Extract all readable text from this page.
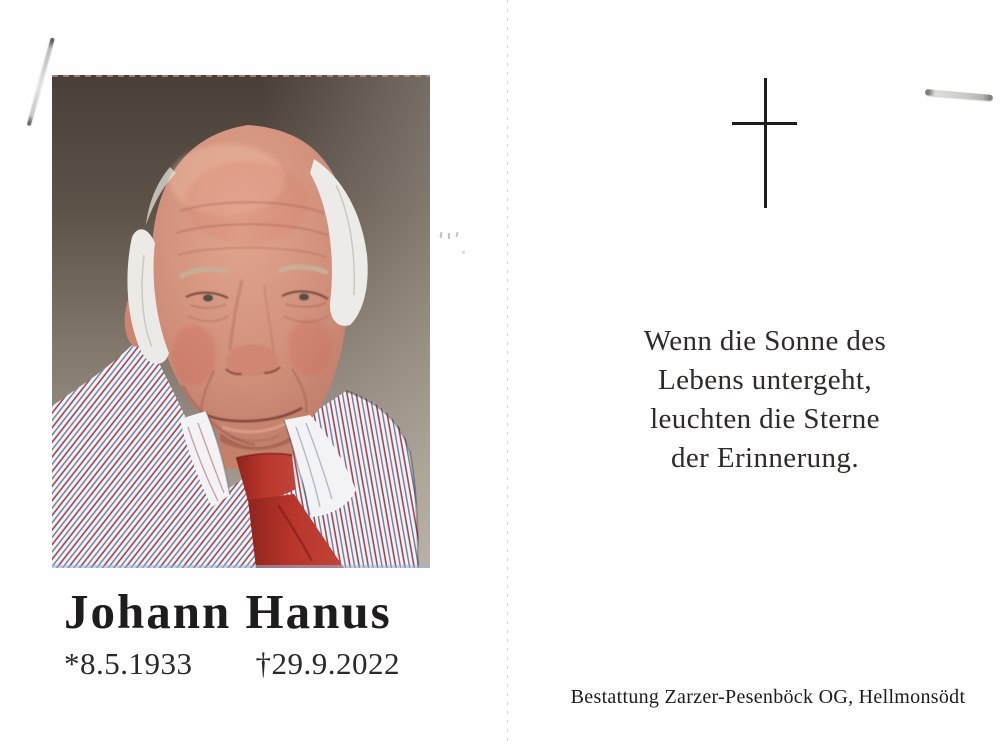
Johann Hanus
*8.5.1933 †29.9.2022
Wenn die Sonne des
Lebens untergeht,
leuchten die Sterne
der Erinnerung.
Bestattung Zarzer-Pesenböck OG, Hellmonsödt
